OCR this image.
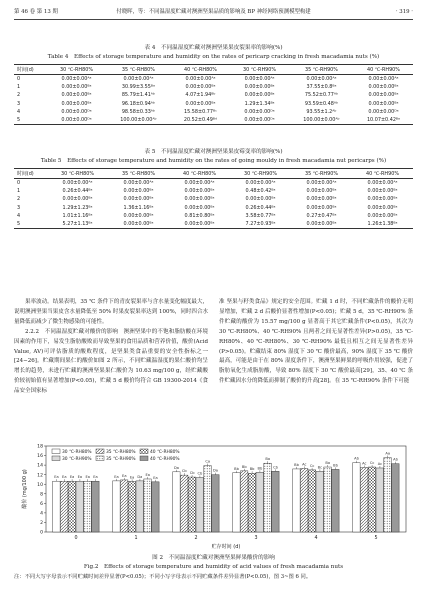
第 46 卷 第 13 期	付晓晖，等：不同温湿度贮藏对澳洲坚果品质的影响及 BP 神经网络预测模型构建	· 319 ·
表 4　不同温湿度贮藏对澳洲坚果果皮裂果率的影响(%)
Table 4　Effects of storage temperature and humidity on the rates of pericarp cracking in fresh macadamia nuts (%)
时间(d)	30 ℃-RH80%	35 ℃-RH80%	40 ℃-RH80%	30 ℃-RH90%	35 ℃-RH90%	40 ℃-RH90%
0	0.00±0.00ᴬᵃ	0.00±0.00ᴬᵃ	0.00±0.00ᴬᵃ	0.00±0.00ᴬᵃ	0.00±0.00ᴬᵃ	0.00±0.00ᴬᵃ
1	0.00±0.00ᴮᵃ	30.99±3.55ᴮᵃ	0.00±0.00ᴮᵃ	0.00±0.00ᴮᵃ	37.55±0.8ᴮᵃ	0.00±0.00ᴮᵃ
2	0.00±0.00ᴮᵃ	85.79±1.41ᴬᵇ	4.07±1.94ᴮᵇ	0.00±0.00ᴮᵃ	75.52±0.77ᴬᵇ	0.00±0.00ᴮᵃ
3	0.00±0.00ᴮᵃ	96.18±0.94ᴬᵇ	0.00±0.00ᴮᵃ	1.29±1.34ᴮᵃ	93.59±0.48ᴬᵇ	0.00±0.00ᴮᵃ
4	0.00±0.00ᴰᵃ	98.58±0.33ᴬᵇ	15.58±0.77ᴮᶜ	0.00±0.00ᴰᵃ	93.55±1.2ᴬᵇ	0.00±0.00ᴰᵃ
5	0.00±0.00ᴰᵃ	100.00±0.00ᴬᵇ	20.52±0.49ᴮᵈ	0.00±0.00ᴰᵃ	100.00±0.00ᴬᵇ	10.07±0.42ᴮᵃ
表 5　不同温湿度贮藏对澳洲坚果果皮霉变率的影响(%)
Table 5　Effects of storage temperature and humidity on the rates of going mouldy in fresh macadamia nut pericarps (%)
时间(d)	30 ℃-RH80%	35 ℃-RH80%	40 ℃-RH80%	30 ℃-RH90%	35 ℃-RH90%	40 ℃-RH90%
0	0.00±0.00ᴬᵃ	0.00±0.00ᴬᵃ	0.00±0.00ᴬᵃ	0.00±0.00ᴬᵃ	0.00±0.00ᴬᵃ	0.00±0.00ᴬᵃ
1	0.26±0.44ᴮᵃ	0.00±0.00ᴮᵃ	0.00±0.00ᴮᵃ	0.48±0.42ᴮᵃ	0.00±0.00ᴮᵃ	0.00±0.00ᴮᵃ
2	0.00±0.00ᴮᵃ	0.00±0.00ᴮᵃ	0.00±0.00ᴮᵃ	0.00±0.00ᴮᵃ	0.00±0.00ᴮᵃ	0.00±0.00ᴮᵃ
3	1.29±1.23ᴮᵃ	1.36±1.16ᴮᵃ	0.00±0.00ᴮᵃ	0.26±0.44ᴮᵃ	0.00±0.00ᴮᵃ	0.00±0.00ᴮᵃ
4	1.01±1.16ᴮᵃ	0.00±0.00ᴮᵃ	0.81±0.80ᴮᵃ	3.58±0.77ᴮᵃ	0.27±0.47ᴮᵃ	0.00±0.00ᴮᵃ
5	5.27±1.13ᴮᵃ	0.00±0.00ᴮᵃ	0.00±0.00ᴮᵃ	7.27±0.93ᴮᵃ	0.00±0.00ᴮᵃ	1.26±1.38ᴮᵃ

果率波动。结果表明，35 ℃ 条件下的青皮裂果率与含水量变化幅度最大，说明澳洲坚果当果皮含水量降低至 50% 时果皮裂果率达到 100%，同时四合水量降低而减少了微生物感染的可能性。

2.2.2　不同温湿度贮藏对酸价的影响　澳洲坚果中的不饱和脂肪酸在环境因素的作用下，易发生脂肪酸败而导致坚果的食用品质和营养价值，酸价(Acid Value, AV)可评估脂质的酸败程度，是坚果类食品重要的安全性指标之一[24−26]。贮藏期间果仁的酸价如图 2 所示，不同贮藏温湿度的果仁酸价均呈增长的趋势，未进行贮藏的澳洲坚果果仁酸价为 10.63 mg/100 g，经贮藏酸价较初始值有显著增加(P<0.05)，贮藏 5 d 酸价均符合 GB 19300-2014《食品安全国家标

准 坚果与籽类食品》规定的安全范围。贮藏 1 d 时，不同贮藏条件的酸价无明显增加，贮藏 2 d 后酸价显著性增加(P<0.05)；贮藏 5 d，35 ℃-RH90% 条件贮藏的酸价为 15.57 mg/100 g 显著高于其它贮藏条件(P<0.05)，其次为 30 ℃-RH80%、40 ℃-RH90% 且两者之间无显著性差异(P>0.05)，35 ℃-RH80%、40 ℃-RH80%、30 ℃-RH90% 最低且相互之间无显著性差异(P>0.05)。贮藏结束 80% 湿度下 30 ℃ 酸价最高，90% 湿度下 35 ℃ 酸价最高，可能是由于在 80% 湿度条件下，澳洲坚果鲜果的呼吸作用较强，促进了脂肪氧化生成脂肪酸，导致 80% 湿度下 30 ℃ 酸价最高[29]，35、40 ℃ 条件贮藏因水分的降低而抑制了酸价的升高[28]。在 35 ℃-RH90% 条件下可能

0
2
4
6
8
10
12
14
16
18
酸价 (mg/100 g)
贮存时间 (d)
0
Ea Ea Ea Ea Ea Ea
1
Ea Ea Ea Da Ea
Ea
2
Da
Cb Cb Cb
Ca
Da
3
Bb Bb
Bb Bb
Ba
Cb
4
Bb Ac Cc Bc
Ba
Bb
5
Ab
Ac Cc Ac
Aa
Ab
30 ℃-RH80%	35 ℃-RH80%	40 ℃-RH80%
30 ℃-RH90%	35 ℃-RH90%	40 ℃-RH90%
图 2　不同温湿度贮藏对澳洲坚果鲜果酸价的影响
Fig.2　Effects of storage temperature and humidity of acid values of fresh macadamia nuts
注：不同大写字母表示不同贮藏时间差异显著(P<0.05)；不同小写字母表示不同贮藏条件差异显著(P<0.05)，图 3~图 6 同。
